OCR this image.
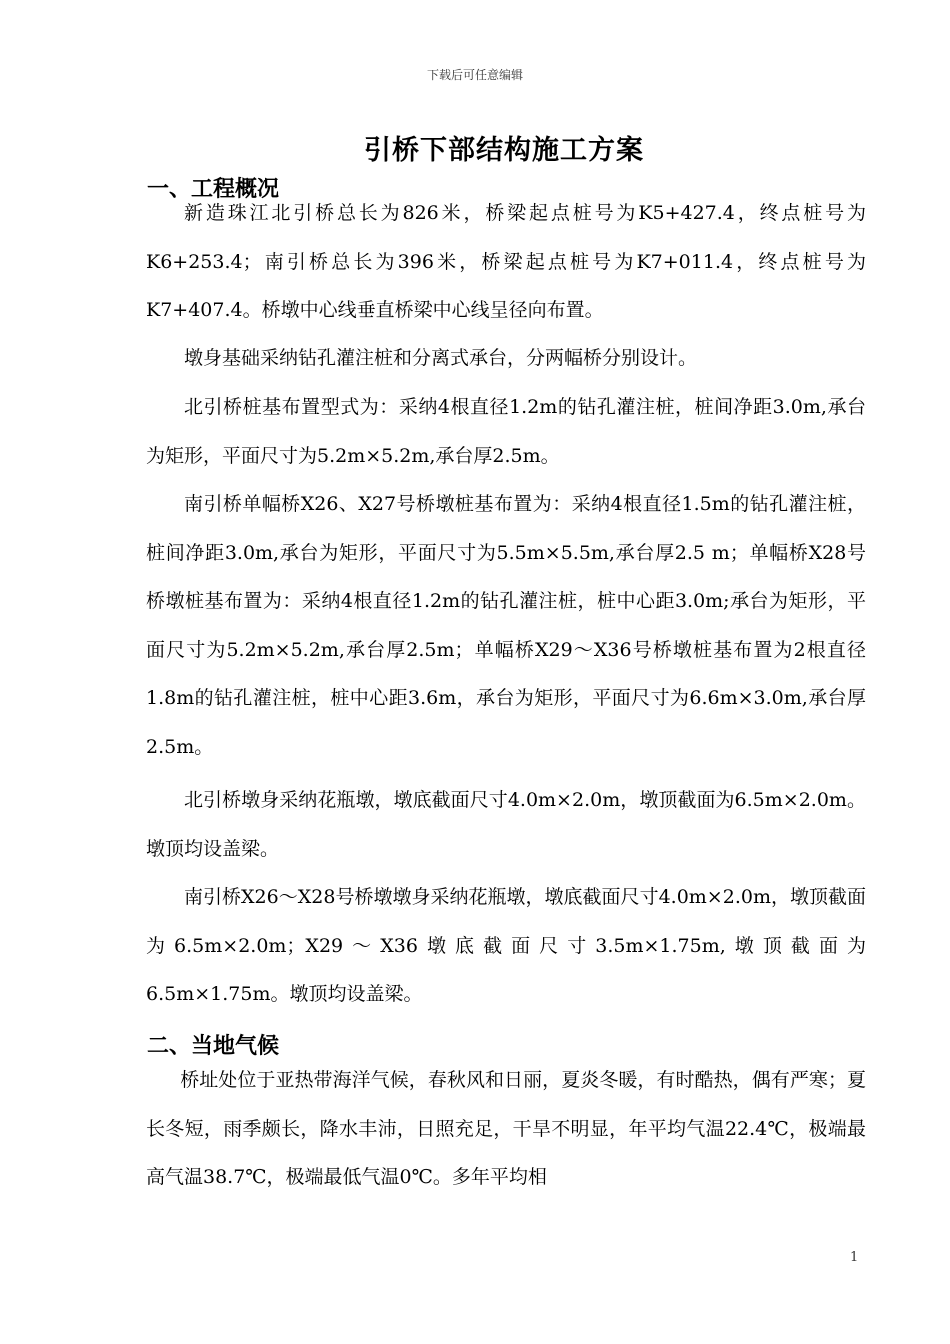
下载后可任意编辑
引桥下部结构施工方案
一、工程概况

新造珠江北引桥总长为826米，桥梁起点桩号为K5+427.4，终点桩号为K6+253.4；南引桥总长为396米，桥梁起点桩号为K7+011.4，终点桩号为K7+407.4。桥墩中心线垂直桥梁中心线呈径向布置。

墩身基础采纳钻孔灌注桩和分离式承台，分两幅桥分别设计。

北引桥桩基布置型式为：采纳4根直径1.2m的钻孔灌注桩，桩间净距3.0m,承台为矩形，平面尺寸为5.2m×5.2m,承台厚2.5m。

南引桥单幅桥X26、X27号桥墩桩基布置为：采纳4根直径1.5m的钻孔灌注桩，桩间净距3.0m,承台为矩形，平面尺寸为5.5m×5.5m,承台厚2.5 m；单幅桥X28号桥墩桩基布置为：采纳4根直径1.2m的钻孔灌注桩，桩中心距3.0m;承台为矩形，平面尺寸为5.2m×5.2m,承台厚2.5m；单幅桥X29～X36号桥墩桩基布置为2根直径1.8m的钻孔灌注桩，桩中心距3.6m，承台为矩形，平面尺寸为6.6m×3.0m,承台厚2.5m。

北引桥墩身采纳花瓶墩，墩底截面尺寸4.0m×2.0m，墩顶截面为6.5m×2.0m。墩顶均设盖梁。

南引桥X26～X28号桥墩墩身采纳花瓶墩，墩底截面尺寸4.0m×2.0m，墩顶截面为6.5m×2.0m；X29～X36墩底截面尺寸3.5m×1.75m,墩顶截面为6.5m×1.75m。墩顶均设盖梁。

二、当地气候

桥址处位于亚热带海洋气候，春秋风和日丽，夏炎冬暖，有时酷热，偶有严寒；夏长冬短，雨季颇长，降水丰沛，日照充足，干旱不明显，年平均气温22.4℃，极端最高气温38.7℃，极端最低气温0℃。多年平均相

1
